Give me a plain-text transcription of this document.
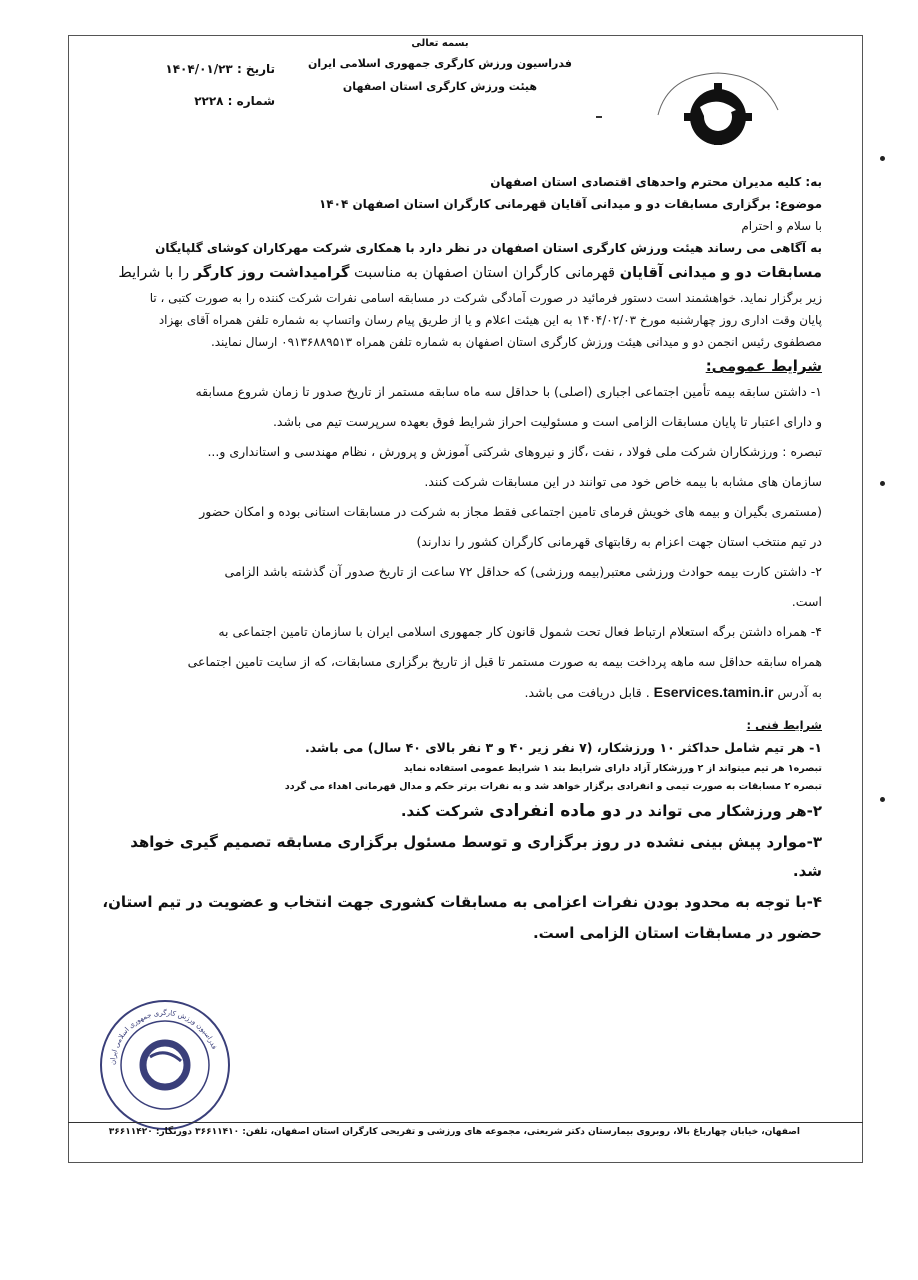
تاریخ : ۱۴۰۴/۰۱/۲۳
شماره : ۲۲۲۸
بسمه تعالی
فدراسیون ورزش کارگری جمهوری اسلامی ایران
هیئت ورزش کارگری استان اصفهان

به: کلیه مدیران محترم واحدهای اقتصادی استان اصفهان

موضوع: برگزاری مسابقات دو و میدانی آقایان قهرمانی کارگران استان اصفهان ۱۴۰۴

با سلام و احترام

به آگاهی می رساند هیئت ورزش کارگری استان اصفهان در نظر دارد با همکاری شرکت مهرکاران کوشای گلپایگان

مسابقات دو و میدانی آقایان قهرمانی کارگران استان اصفهان به مناسبت گرامیداشت روز کارگر را با شرایط

زیر برگزار نماید. خواهشمند است دستور فرمائید در صورت آمادگی شرکت در مسابقه اسامی نفرات شرکت کننده را به صورت کتبی ، تا

پایان وقت اداری روز چهارشنبه مورخ ۱۴۰۴/۰۲/۰۳ به این هیئت اعلام و یا از طریق پیام رسان واتساپ به شماره تلفن همراه آقای بهزاد

مصطفوی رئیس انجمن دو و میدانی هیئت ورزش کارگری استان اصفهان به شماره تلفن همراه ۰۹۱۳۶۸۸۹۵۱۳ ارسال نمایند.

شرایط عمومی:

۱- داشتن سابقه بیمه تأمین اجتماعی اجباری (اصلی) با حداقل سه ماه سابقه مستمر از تاریخ صدور تا زمان شروع مسابقه

و دارای اعتبار تا پایان مسابقات الزامی است و مسئولیت احراز شرایط فوق بعهده سرپرست تیم می باشد.

تبصره : ورزشکاران شرکت ملی فولاد ، نفت ،گاز و نیروهای شرکتی آموزش و پرورش ، نظام مهندسی و استانداری و...

سازمان های مشابه با بیمه خاص خود می توانند در این مسابقات شرکت کنند.

(مستمری بگیران و بیمه های خویش فرمای تامین اجتماعی فقط مجاز به شرکت در مسابقات استانی بوده و امکان حضور

در تیم منتخب استان جهت اعزام به رقابتهای قهرمانی کارگران کشور را ندارند)

۲- داشتن کارت بیمه حوادث ورزشی معتبر(بیمه ورزشی) که حداقل ۷۲ ساعت از تاریخ صدور آن گذشته باشد الزامی

است.

۴- همراه داشتن برگه استعلام ارتباط فعال تحت شمول قانون کار جمهوری اسلامی ایران با سازمان تامین اجتماعی به

همراه سابقه حداقل سه ماهه پرداخت بیمه به صورت مستمر تا قبل از تاریخ برگزاری مسابقات، که از سایت تامین اجتماعی

به آدرس Eservices.tamin.ir . قابل دریافت می باشد.

شرایط فنی :

۱- هر تیم شامل حداکثر ۱۰ ورزشکار، (۷ نفر زیر ۴۰ و ۳ نفر بالای ۴۰ سال) می باشد.

تبصره۱ هر تیم میتواند از ۲ ورزشکار آزاد دارای شرایط بند ۱ شرایط عمومی استفاده نماید

تبصره ۲ مسابقات به صورت تیمی و انفرادی برگزار خواهد شد و به نفرات برتر حکم و مدال قهرمانی اهداء می گردد

۲-هر ورزشکار می تواند در دو ماده انفرادی شرکت کند.

۳-موارد پیش بینی نشده در روز برگزاری و توسط مسئول برگزاری مسابقه تصمیم گیری خواهد شد.

۴-با توجه به محدود بودن نفرات اعزامی به مسابقات کشوری جهت انتخاب و عضویت در تیم استان،

حضور در مسابقات استان الزامی است.

فدراسیون ورزش کارگری جمهوری اسلامی ایران
اصفهان، خیابان چهارباغ بالا، روبروی بیمارستان دکتر شریعتی، مجموعه های ورزشی و تفریحی کارگران استان اصفهان، تلفن: ۳۶۶۱۱۴۱۰ دورنگار: ۳۶۶۱۱۴۲۰
